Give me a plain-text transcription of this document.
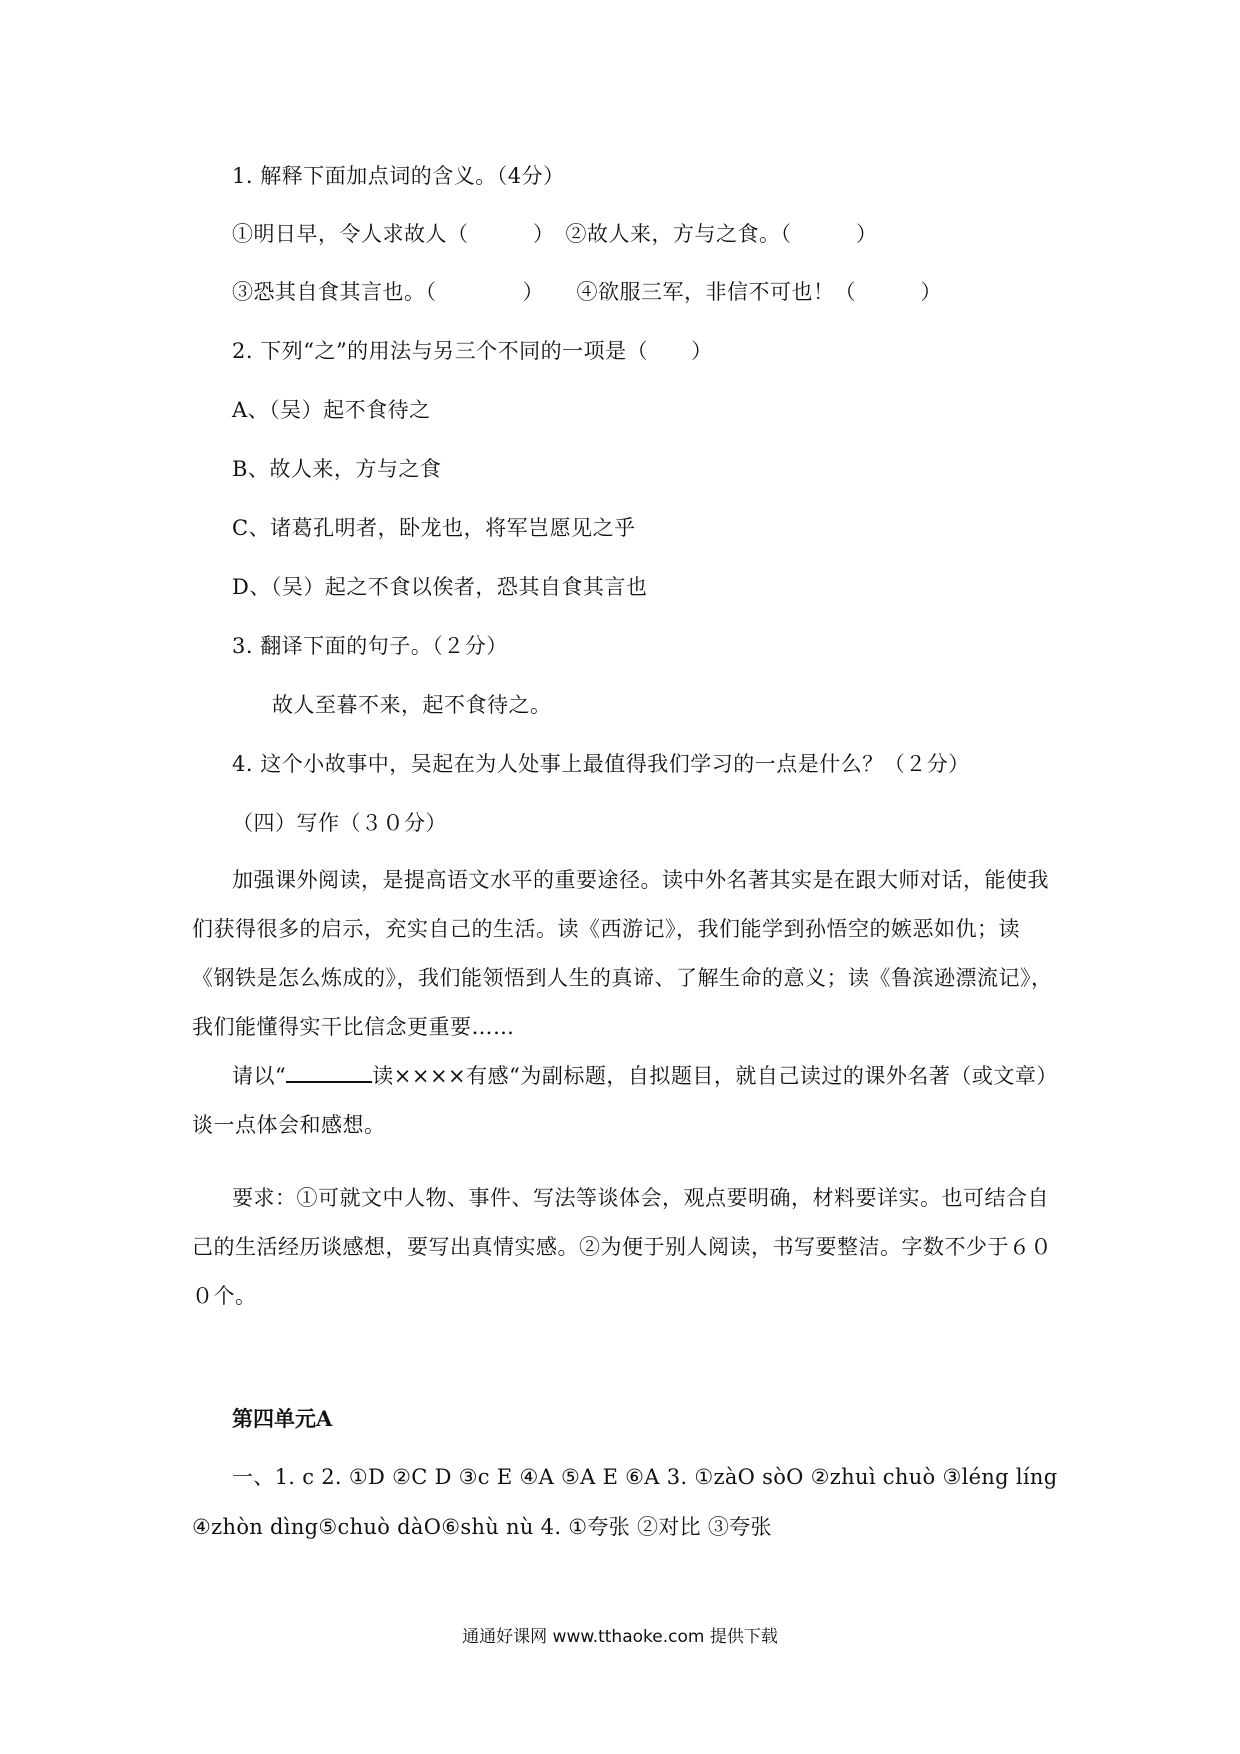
1. 解释下面加点词的含义。（4分）
①明日早，令人求故人（　　　）　②故人来，方与之食。（　　　）
③恐其自食其言也。（　　　　）　　④欲服三军，非信不可也！（　　　）
2. 下列“之”的用法与另三个不同的一项是（　　）
A、（吴）起不食待之
B、故人来，方与之食
C、诸葛孔明者，卧龙也，将军岂愿见之乎
D、（吴）起之不食以俟者，恐其自食其言也
3. 翻译下面的句子。（２分）
故人至暮不来，起不食待之。
4. 这个小故事中，吴起在为人处事上最值得我们学习的一点是什么？（２分）
（四）写作（３０分）

加强课外阅读，是提高语文水平的重要途径。读中外名著其实是在跟大师对话，能使我们获得很多的启示，充实自己的生活。读《西游记》，我们能学到孙悟空的嫉恶如仇；读《钢铁是怎么炼成的》，我们能领悟到人生的真谛、了解生命的意义；读《鲁滨逊漂流记》，我们能懂得实干比信念更重要……

请以“	读××××有感“为副标题，自拟题目，就自己读过的课外名著（或文章）谈一点体会和感想。

要求：①可就文中人物、事件、写法等谈体会，观点要明确，材料要详实。也可结合自己的生活经历谈感想，要写出真情实感。②为便于别人阅读，书写要整洁。字数不少于６００个。

第四单元A

一、1. c 2. ①D ②C D ③c E ④A ⑤A E ⑥A 3. ①zàO sòO ②zhuì chuò ③léng líng ④zhòn dìng⑤chuò dàO⑥shù nù 4. ①夸张 ②对比 ③夸张

通通好课网 www.tthaoke.com 提供下载
